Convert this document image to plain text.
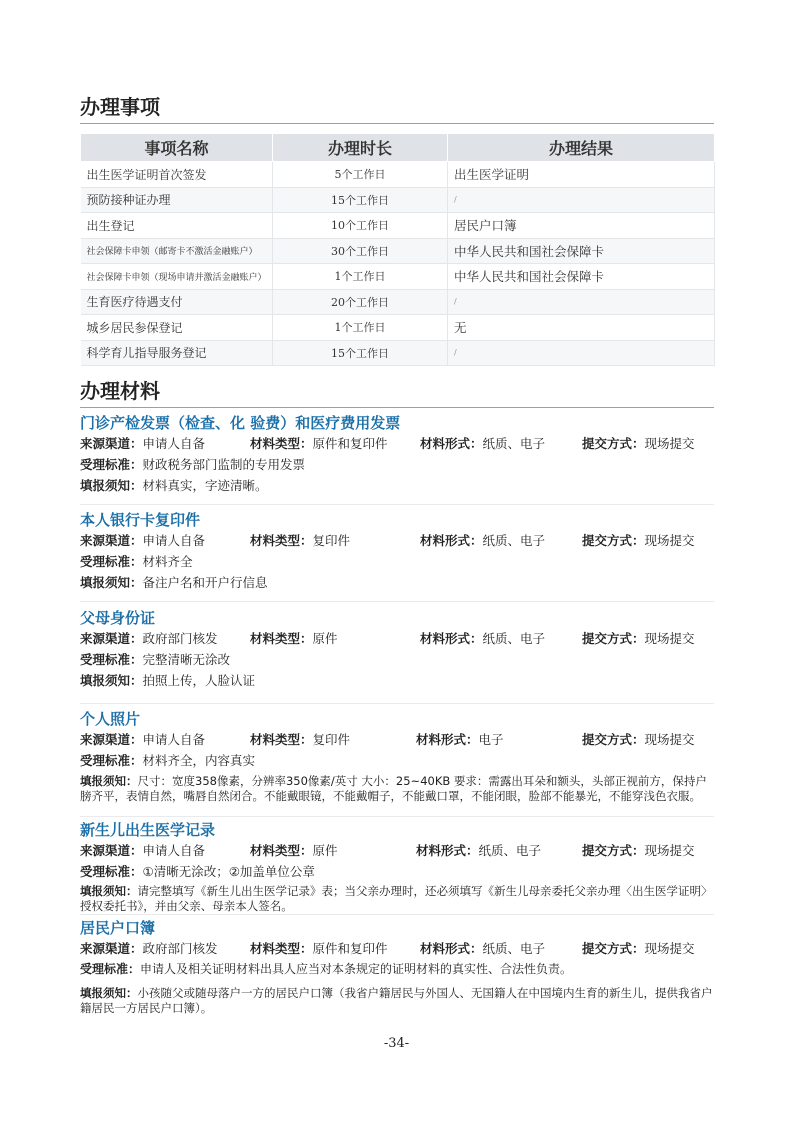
办理事项
事项名称	办理时长	办理结果
出生医学证明首次签发	5个工作日	出生医学证明
预防接种证办理	15个工作日	/
出生登记	10个工作日	居民户口簿
社会保障卡申领（邮寄卡不激活金融账户）	30个工作日	中华人民共和国社会保障卡
社会保障卡申领（现场申请并激活金融账户）	1个工作日	中华人民共和国社会保障卡
生育医疗待遇支付	20个工作日	/
城乡居民参保登记	1个工作日	无
科学育儿指导服务登记	15个工作日	/
办理材料
门诊产检发票（检查、化 验费）和医疗费用发票
来源渠道：申请人自备	材料类型：原件和复印件	材料形式：纸质、电子	提交方式：现场提交
受理标准：财政税务部门监制的专用发票
填报须知：材料真实，字迹清晰。
本人银行卡复印件
来源渠道：申请人自备	材料类型：复印件	材料形式：纸质、电子	提交方式：现场提交
受理标准：材料齐全
填报须知：备注户名和开户行信息
父母身份证
来源渠道：政府部门核发	材料类型：原件	材料形式：纸质、电子	提交方式：现场提交
受理标准：完整清晰无涂改
填报须知：拍照上传，人脸认证
个人照片
来源渠道：申请人自备	材料类型：复印件	材料形式：电子	提交方式：现场提交
受理标准：材料齐全，内容真实
填报须知：尺寸：宽度358像素，分辨率350像素/英寸 大小：25~40KB 要求：需露出耳朵和额头，头部正视前方，保持户膀齐平，表情自然，嘴唇自然闭合。不能戴眼镜，不能戴帽子，不能戴口罩，不能闭眼，脸部不能暴光，不能穿浅色衣服。
新生儿出生医学记录
来源渠道：申请人自备	材料类型：原件	材料形式：纸质、电子	提交方式：现场提交
受理标准：①清晰无涂改；②加盖单位公章
填报须知：请完整填写《新生儿出生医学记录》表；当父亲办理时，还必须填写《新生儿母亲委托父亲办理〈出生医学证明〉授权委托书》，并由父亲、母亲本人签名。
居民户口簿
来源渠道：政府部门核发	材料类型：原件和复印件	材料形式：纸质、电子	提交方式：现场提交
受理标准：申请人及相关证明材料出具人应当对本条规定的证明材料的真实性、合法性负责。
填报须知：小孩随父或随母落户一方的居民户口簿（我省户籍居民与外国人、无国籍人在中国境内生育的新生儿，提供我省户籍居民一方居民户口簿）。
-34-
